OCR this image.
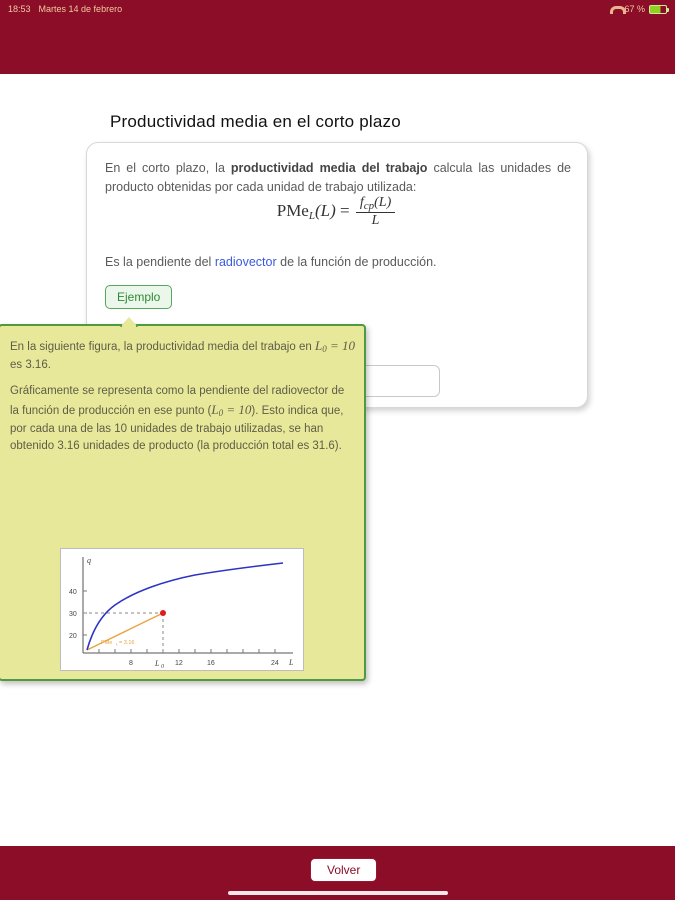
18:53 Martes 14 de febrero	67 %
Productividad media en el corto plazo

En el corto plazo, la productividad media del trabajo calcula las unidades de producto obtenidas por cada unidad de trabajo utilizada:

$PMe_L(L) = \frac{f_{cp}(L)}{L}$

Es la pendiente del radiovector de la función de producción.

Ejemplo
En la siguiente figura, la productividad media del trabajo en L0 = 10 es 3.16.
Gráficamente se representa como la pendiente del radiovector de la función de producción en ese punto (L0 = 10). Esto indica que, por cada una de las 10 unidades de trabajo utilizadas, se han obtenido 3.16 unidades de producto (la producción total es 31.6).
q
L
40
30
20
8	12	16	24
L 0
PMe L = 3.16
Volver
